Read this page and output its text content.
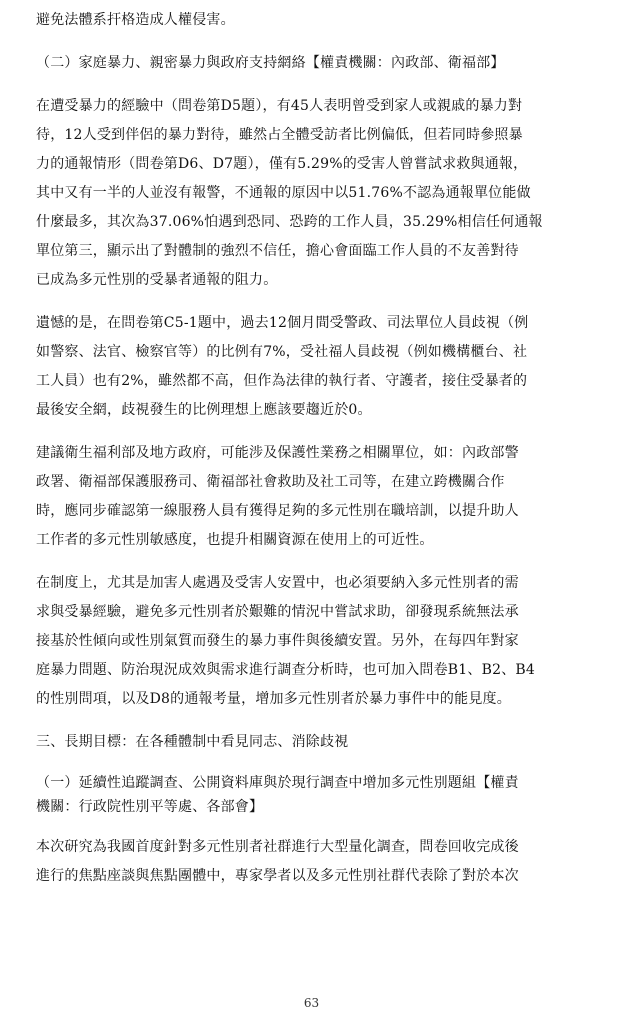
避免法體系扞格造成人權侵害。

（二）家庭暴力、親密暴力與政府支持網絡【權責機關：內政部、衛福部】

在遭受暴力的經驗中（問卷第D5題），有45人表明曾受到家人或親戚的暴力對

待，12人受到伴侶的暴力對待，雖然占全體受訪者比例偏低，但若同時參照暴

力的通報情形（問卷第D6、D7題），僅有5.29%的受害人曾嘗試求救與通報，

其中又有一半的人並沒有報警，不通報的原因中以51.76%不認為通報單位能做

什麼最多，其次為37.06%怕遇到恐同、恐跨的工作人員，35.29%相信任何通報

單位第三，顯示出了對體制的強烈不信任，擔心會面臨工作人員的不友善對待

已成為多元性別的受暴者通報的阻力。

遺憾的是，在問卷第C5-1題中，過去12個月間受警政、司法單位人員歧視（例

如警察、法官、檢察官等）的比例有7%，受社福人員歧視（例如機構櫃台、社

工人員）也有2%，雖然都不高，但作為法律的執行者、守護者，接住受暴者的

最後安全網，歧視發生的比例理想上應該要趨近於0。

建議衛生福利部及地方政府，可能涉及保護性業務之相關單位，如：內政部警

政署、衛福部保護服務司、衛福部社會救助及社工司等，在建立跨機關合作

時，應同步確認第一線服務人員有獲得足夠的多元性別在職培訓，以提升助人

工作者的多元性別敏感度，也提升相關資源在使用上的可近性。

在制度上，尤其是加害人處遇及受害人安置中，也必須要納入多元性別者的需

求與受暴經驗，避免多元性別者於艱難的情況中嘗試求助，卻發現系統無法承

接基於性傾向或性別氣質而發生的暴力事件與後續安置。另外，在每四年對家

庭暴力問題、防治現況成效與需求進行調查分析時，也可加入問卷B1、B2、B4

的性別問項，以及D8的通報考量，增加多元性別者於暴力事件中的能見度。

三、長期目標：在各種體制中看見同志、消除歧視

（一）延續性追蹤調查、公開資料庫與於現行調查中增加多元性別題組【權責

機關：行政院性別平等處、各部會】

本次研究為我國首度針對多元性別者社群進行大型量化調查，問卷回收完成後

進行的焦點座談與焦點團體中，專家學者以及多元性別社群代表除了對於本次

63
